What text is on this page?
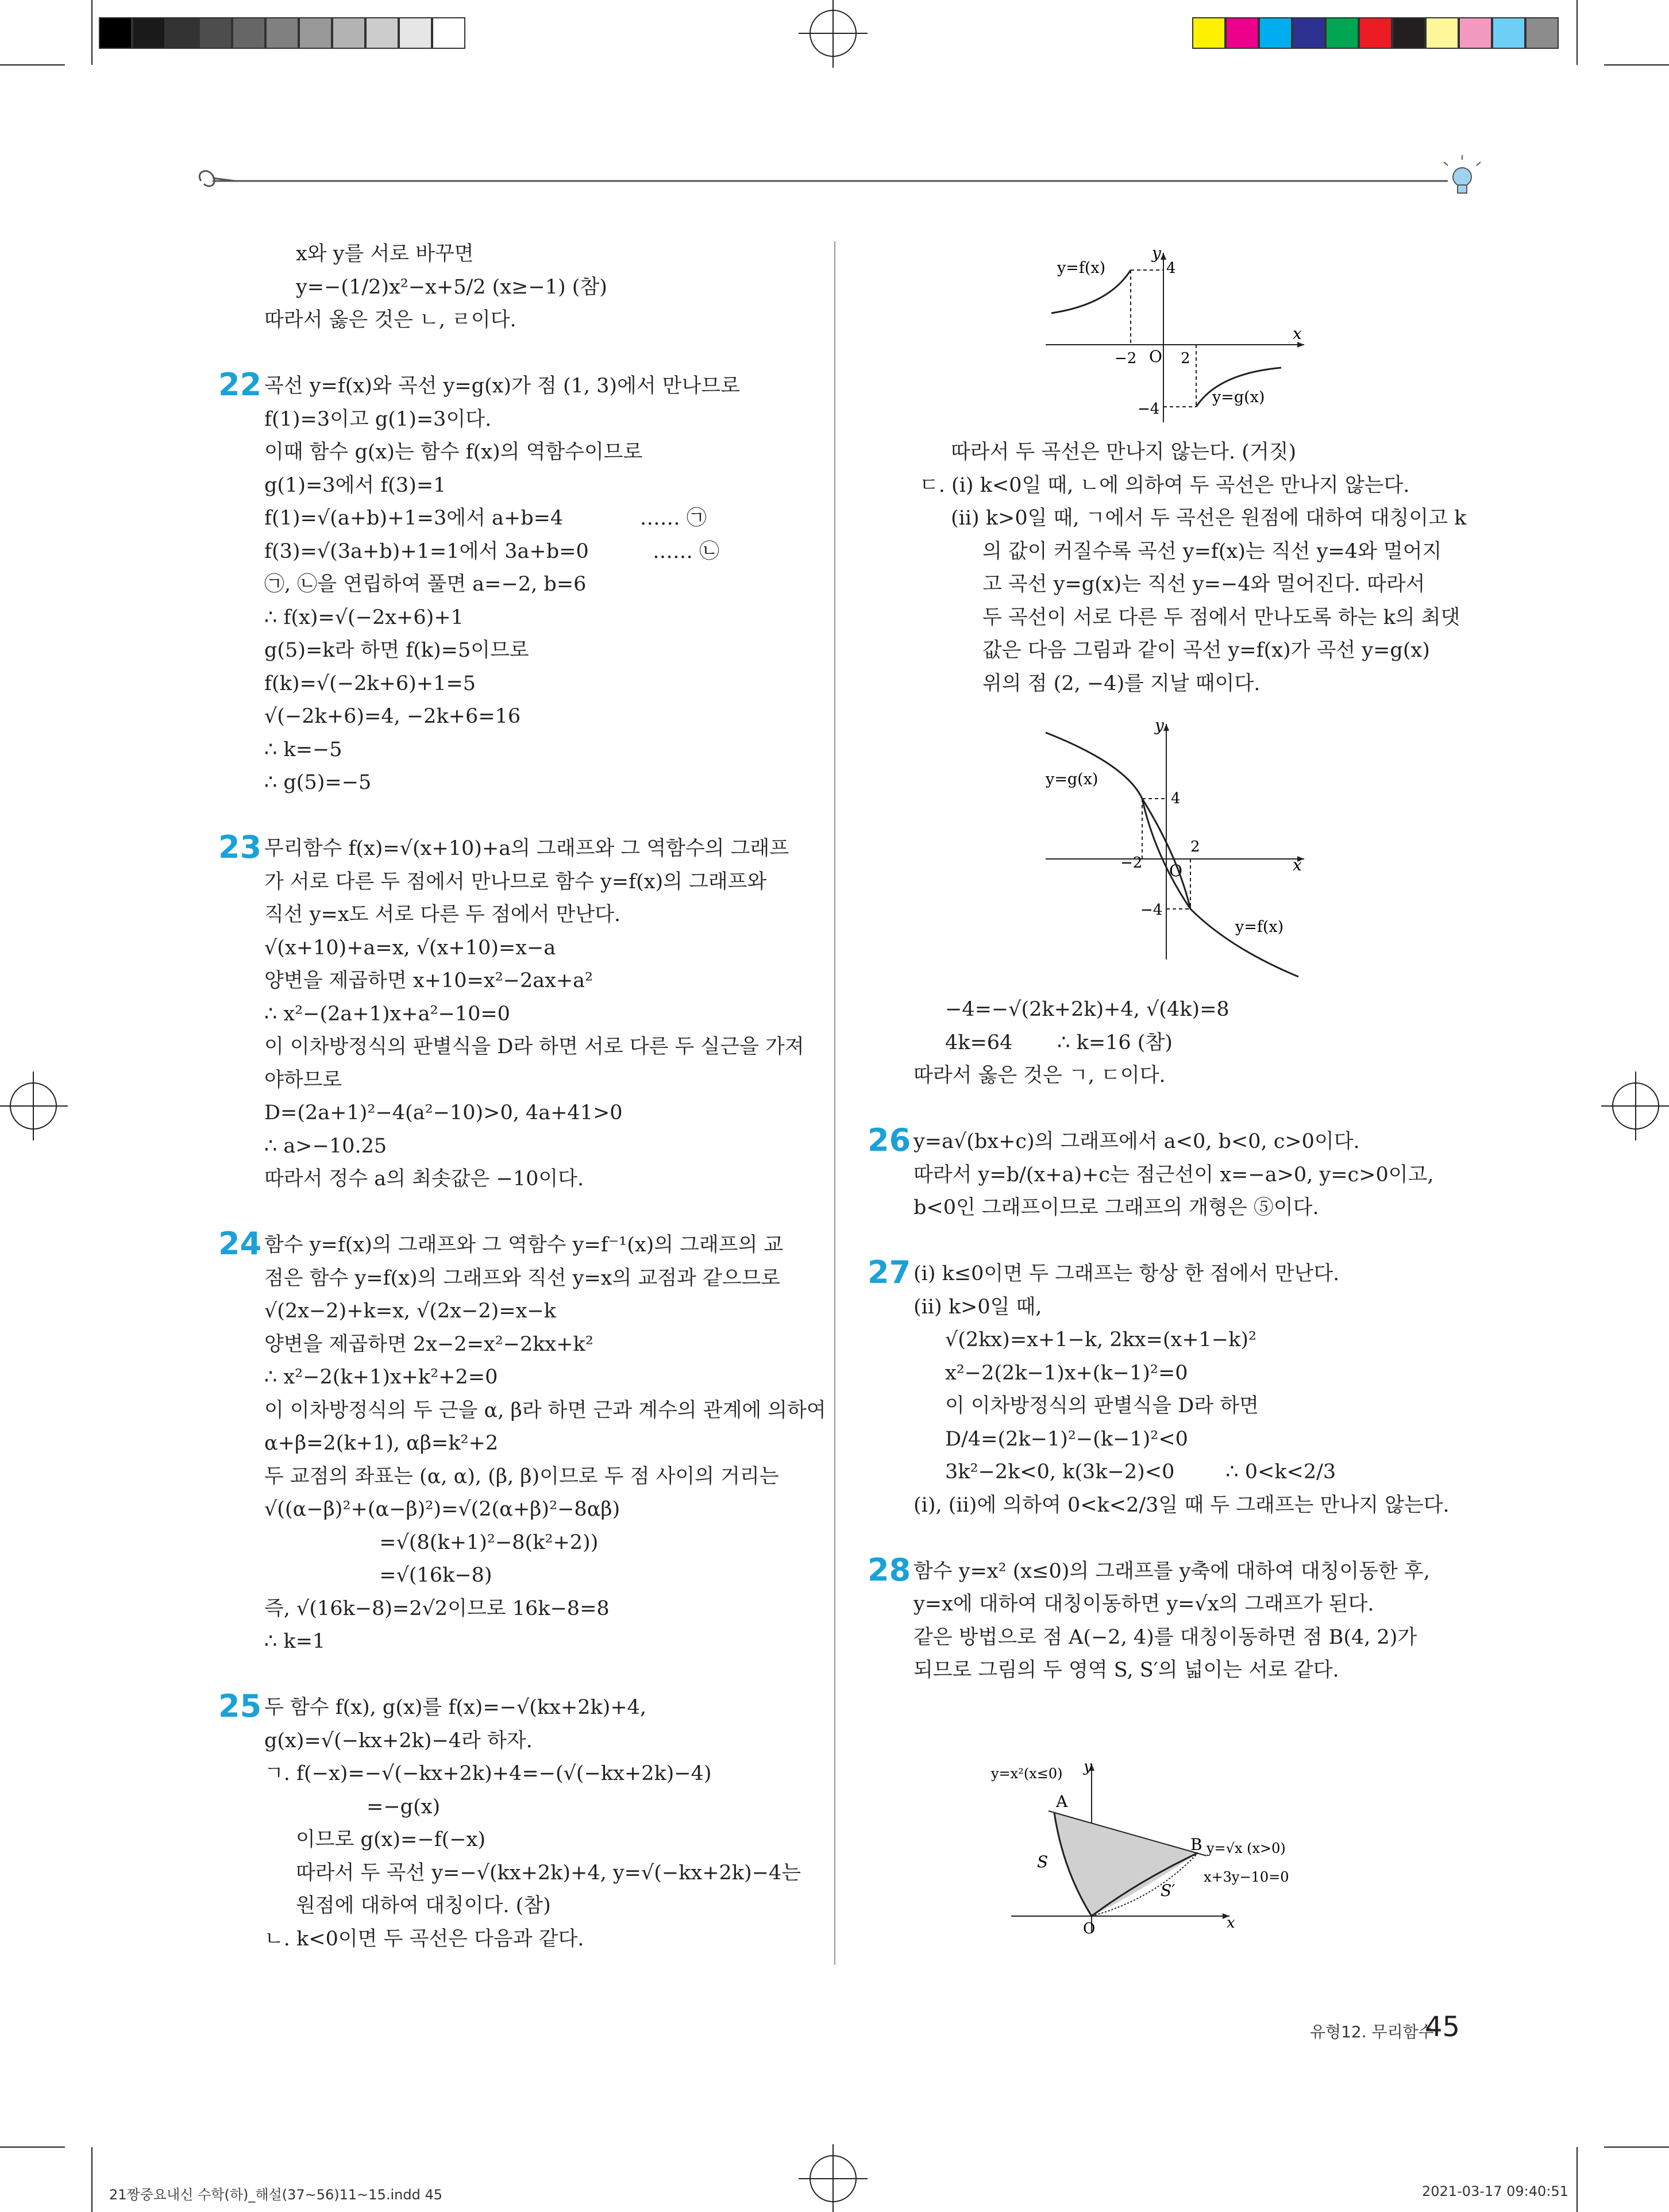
x와 y를 서로 바꾸면
y=−(1/2)x²−x+5/2 (x≥−1) (참)
따라서 옳은 것은 ㄴ, ㄹ이다.
22 곡선 y=f(x)와 곡선 y=g(x)가 점 (1, 3)에서 만나므로
f(1)=3이고 g(1)=3이다.
이때 함수 g(x)는 함수 f(x)의 역함수이므로
g(1)=3에서 f(3)=1
f(1)=√(a+b)+1=3에서 a+b=4            …… ㉠
f(3)=√(3a+b)+1=1에서 3a+b=0          …… ㉡
㉠, ㉡을 연립하여 풀면 a=−2, b=6
∴ f(x)=√(−2x+6)+1
g(5)=k라 하면 f(k)=5이므로
f(k)=√(−2k+6)+1=5
√(−2k+6)=4, −2k+6=16
∴ k=−5
∴ g(5)=−5
23 무리함수 f(x)=√(x+10)+a의 그래프와 그 역함수의 그래프
가 서로 다른 두 점에서 만나므로 함수 y=f(x)의 그래프와
직선 y=x도 서로 다른 두 점에서 만난다.
√(x+10)+a=x, √(x+10)=x−a
양변을 제곱하면 x+10=x²−2ax+a²
∴ x²−(2a+1)x+a²−10=0
이 이차방정식의 판별식을 D라 하면 서로 다른 두 실근을 가져
야하므로
D=(2a+1)²−4(a²−10)>0, 4a+41>0
∴ a>−10.25
따라서 정수 a의 최솟값은 −10이다.
24 함수 y=f(x)의 그래프와 그 역함수 y=f⁻¹(x)의 그래프의 교
점은 함수 y=f(x)의 그래프와 직선 y=x의 교점과 같으므로
√(2x−2)+k=x, √(2x−2)=x−k
양변을 제곱하면 2x−2=x²−2kx+k²
∴ x²−2(k+1)x+k²+2=0
이 이차방정식의 두 근을 α, β라 하면 근과 계수의 관계에 의하여
α+β=2(k+1), αβ=k²+2
두 교점의 좌표는 (α, α), (β, β)이므로 두 점 사이의 거리는
√((α−β)²+(α−β)²)=√(2(α+β)²−8αβ)
=√(8(k+1)²−8(k²+2))
=√(16k−8)
즉, √(16k−8)=2√2이므로 16k−8=8
∴ k=1
25 두 함수 f(x), g(x)를 f(x)=−√(kx+2k)+4,
g(x)=√(−kx+2k)−4라 하자.
ㄱ. f(−x)=−√(−kx+2k)+4=−(√(−kx+2k)−4)
=−g(x)
이므로 g(x)=−f(−x)
따라서 두 곡선 y=−√(kx+2k)+4, y=√(−kx+2k)−4는
원점에 대하여 대칭이다. (참)
ㄴ. k<0이면 두 곡선은 다음과 같다.
따라서 두 곡선은 만나지 않는다. (거짓)
ㄷ. (ⅰ) k<0일 때, ㄴ에 의하여 두 곡선은 만나지 않는다.
(ⅱ) k>0일 때, ㄱ에서 두 곡선은 원점에 대하여 대칭이고 k
의 값이 커질수록 곡선 y=f(x)는 직선 y=4와 멀어지
고 곡선 y=g(x)는 직선 y=−4와 멀어진다. 따라서
두 곡선이 서로 다른 두 점에서 만나도록 하는 k의 최댓
값은 다음 그림과 같이 곡선 y=f(x)가 곡선 y=g(x)
위의 점 (2, −4)를 지날 때이다.
−4=−√(2k+2k)+4, √(4k)=8
4k=64       ∴ k=16 (참)
따라서 옳은 것은 ㄱ, ㄷ이다.
26 y=a√(bx+c)의 그래프에서 a<0, b<0, c>0이다.
따라서 y=b/(x+a)+c는 점근선이 x=−a>0, y=c>0이고,
b<0인 그래프이므로 그래프의 개형은 ⑤이다.
27 (ⅰ) k≤0이면 두 그래프는 항상 한 점에서 만난다.
(ⅱ) k>0일 때,
√(2kx)=x+1−k, 2kx=(x+1−k)²
x²−2(2k−1)x+(k−1)²=0
이 이차방정식의 판별식을 D라 하면
D/4=(2k−1)²−(k−1)²<0
3k²−2k<0, k(3k−2)<0        ∴ 0<k<2/3
(ⅰ), (ⅱ)에 의하여 0<k<2/3일 때 두 그래프는 만나지 않는다.
28 함수 y=x² (x≤0)의 그래프를 y축에 대하여 대칭이동한 후,
y=x에 대하여 대칭이동하면 y=√x의 그래프가 된다.
같은 방법으로 점 A(−2, 4)를 대칭이동하면 점 B(4, 2)가
되므로 그림의 두 영역 S, S′의 넓이는 서로 같다.
x
y
O
4
−4
−2	2
y=f(x)
y=g(x)
x
y
O
4
−4
−2
2
y=g(x)
y=f(x)
x
y
O
A
B
S
S′
y=x²(x≤0)
y=√x (x>0)
x+3y−10=0
유형12. 무리함수
45
21짱중요내신 수학(하)_해설(37~56)11~15.indd 45	2021-03-17 09:40:51
